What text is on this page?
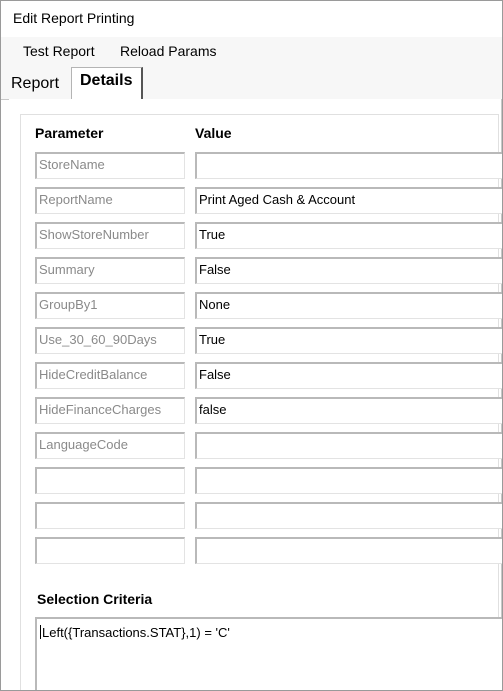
Edit Report Printing
Test Report Reload Params
Report	Details
Parameter	Value
StoreName
ReportName	Print Aged Cash & Account
ShowStoreNumber	True
Summary	False
GroupBy1	None
Use_30_60_90Days	True
HideCreditBalance	False
HideFinanceCharges	false
LanguageCode
Selection Criteria
Left({Transactions.STAT},1) = 'C'
